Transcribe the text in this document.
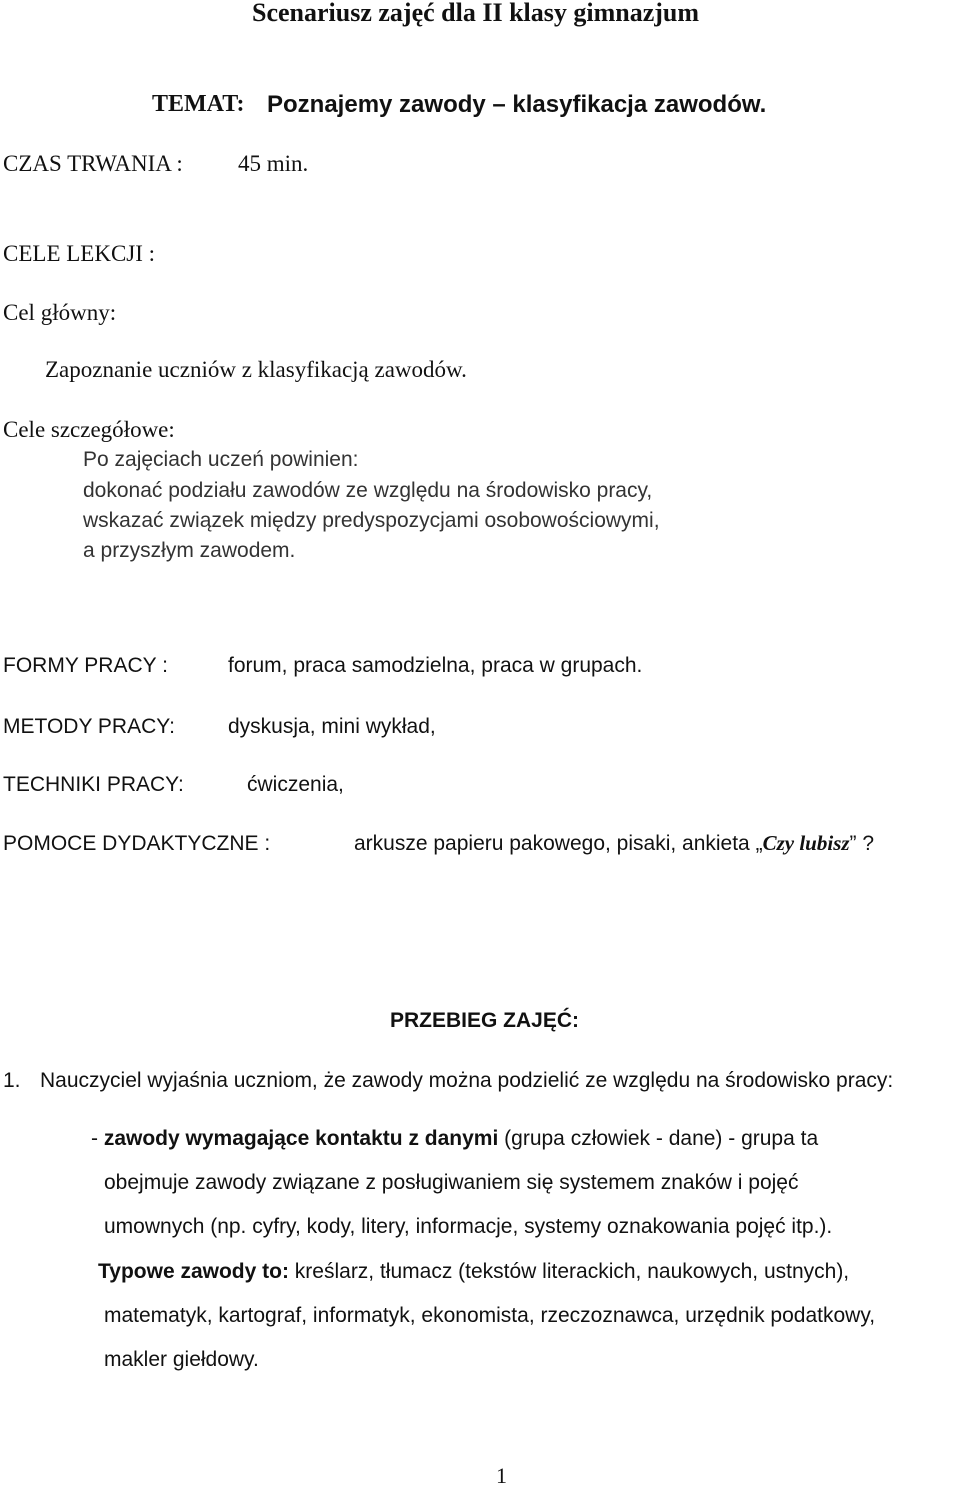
Scenariusz zajęć dla II klasy gimnazjum
TEMAT: Poznajemy zawody – klasyfikacja zawodów.
CZAS TRWANIA : 45 min.
CELE LEKCJI :
Cel główny:
Zapoznanie uczniów z klasyfikacją zawodów.
Cele szczegółowe:
Po zajęciach uczeń powinien:
dokonać podziału zawodów ze względu na środowisko pracy,
wskazać związek między predyspozycjami osobowościowymi,
a przyszłym zawodem.
FORMY PRACY :	forum, praca samodzielna, praca w grupach.
METODY PRACY:	dyskusja, mini wykład,
TECHNIKI PRACY:	ćwiczenia,
POMOCE DYDAKTYCZNE :	arkusze papieru pakowego, pisaki, ankieta „Czy lubisz” ?
PRZEBIEG ZAJĘĆ:
1. Nauczyciel wyjaśnia uczniom, że zawody można podzielić ze względu na środowisko pracy:
- zawody wymagające kontaktu z danymi (grupa człowiek - dane) - grupa ta
obejmuje zawody związane z posługiwaniem się systemem znaków i pojęć
umownych (np. cyfry, kody, litery, informacje, systemy oznakowania pojęć itp.).
Typowe zawody to: kreślarz, tłumacz (tekstów literackich, naukowych, ustnych),
matematyk, kartograf, informatyk, ekonomista, rzeczoznawca, urzędnik podatkowy,
makler giełdowy.
1
